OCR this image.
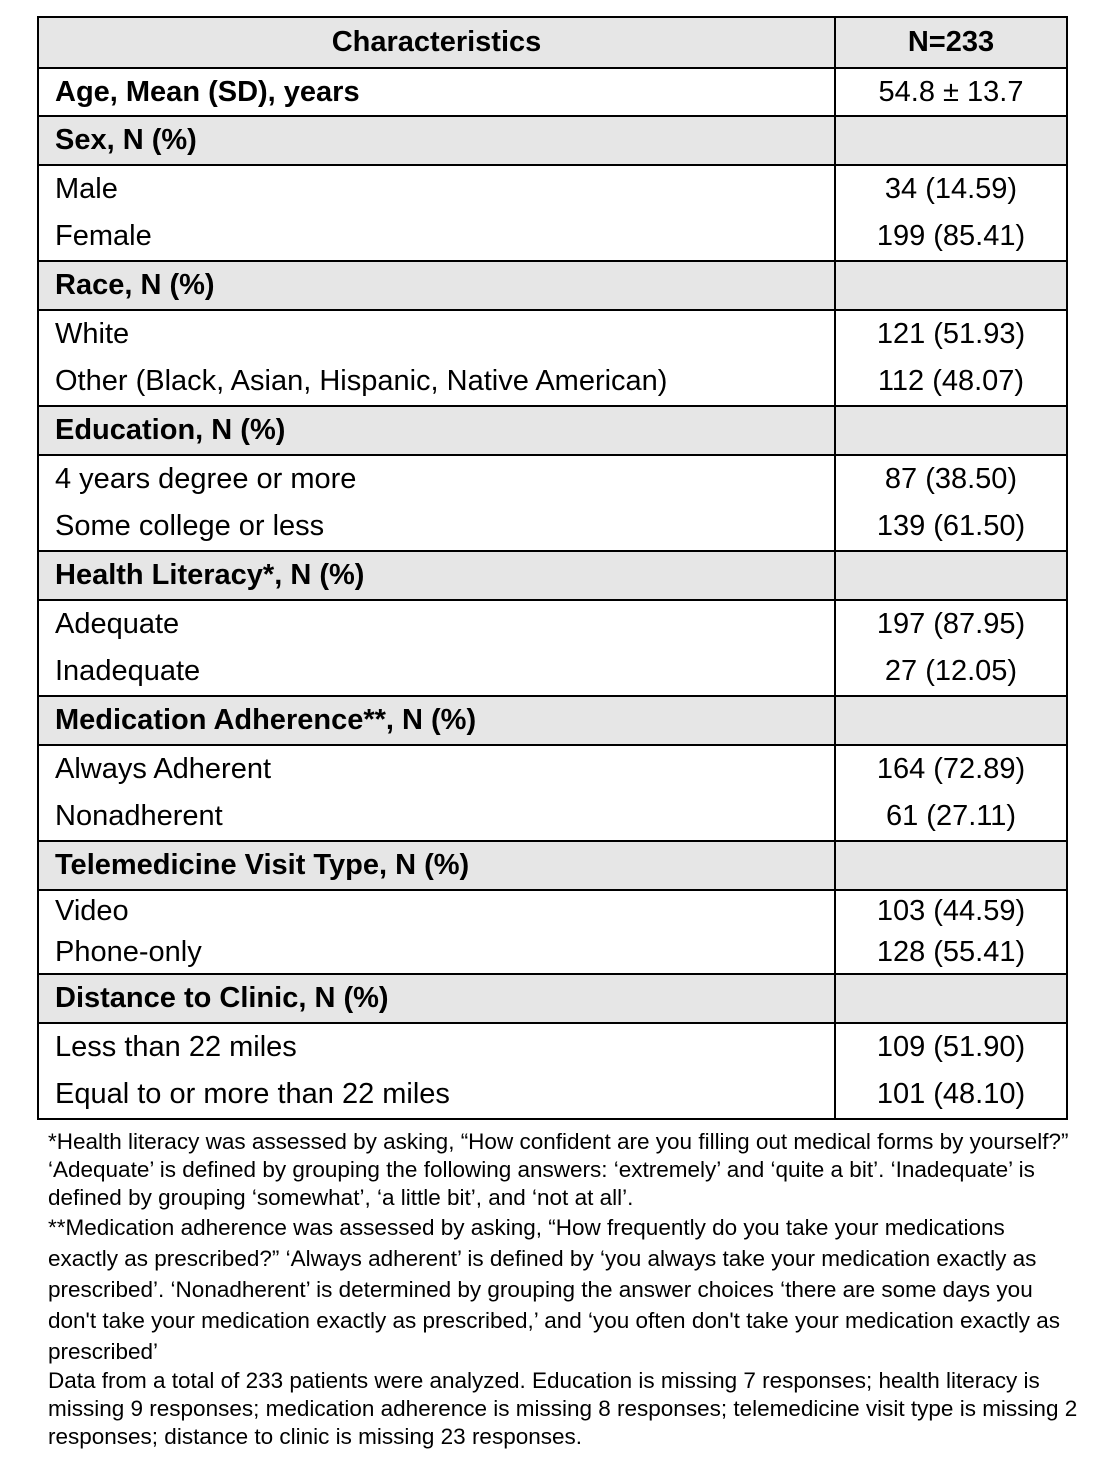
Characteristics	N=233
Age, Mean (SD), years	54.8 ± 13.7
Sex, N (%)	
Male	34 (14.59)
Female	199 (85.41)
Race, N (%)	
White	121 (51.93)
Other (Black, Asian, Hispanic, Native American)	112 (48.07)
Education, N (%)	
4 years degree or more	87 (38.50)
Some college or less	139 (61.50)
Health Literacy*, N (%)	
Adequate	197 (87.95)
Inadequate	27 (12.05)
Medication Adherence**, N (%)	
Always Adherent	164 (72.89)
Nonadherent	61 (27.11)
Telemedicine Visit Type, N (%)	
Video	103 (44.59)
Phone-only	128 (55.41)
Distance to Clinic, N (%)	
Less than 22 miles	109 (51.90)
Equal to or more than 22 miles	101 (48.10)

*Health literacy was assessed by asking, “How confident are you filling out medical forms by yourself?” ‘Adequate’ is defined by grouping the following answers: ‘extremely’ and ‘quite a bit’. ‘Inadequate’ is defined by grouping ‘somewhat’, ‘a little bit’, and ‘not at all’.

**Medication adherence was assessed by asking, “How frequently do you take your medications exactly as prescribed?” ‘Always adherent’ is defined by ‘you always take your medication exactly as prescribed’. ‘Nonadherent’ is determined by grouping the answer choices ‘there are some days you don't take your medication exactly as prescribed,’ and ‘you often don't take your medication exactly as prescribed’

Data from a total of 233 patients were analyzed. Education is missing 7 responses; health literacy is missing 9 responses; medication adherence is missing 8 responses; telemedicine visit type is missing 2 responses; distance to clinic is missing 23 responses.
